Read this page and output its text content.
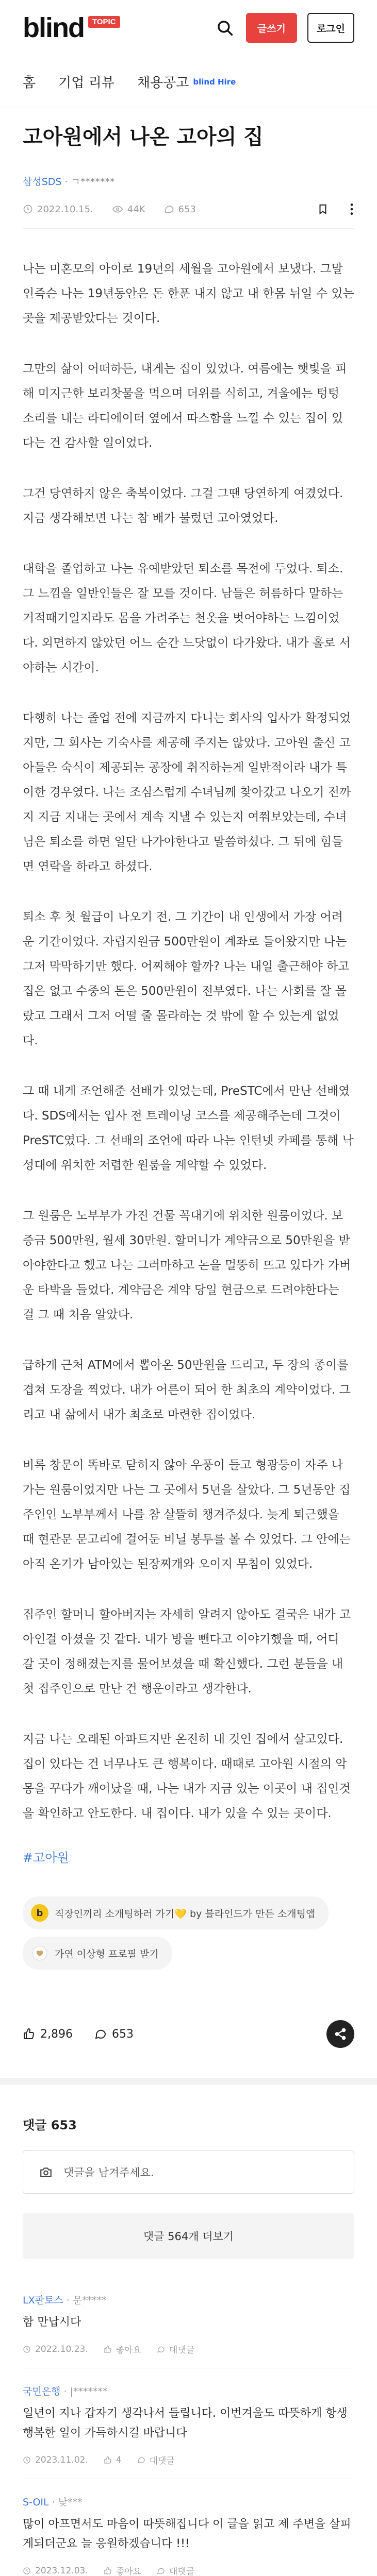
blind	TOPIC
글쓰기	로그인
홈 기업 리뷰 채용공고 blind Hire
고아원에서 나온 고아의 집
삼성SDS · ㄱ*******
2022.10.15.	44K	653

나는 미혼모의 아이로 19년의 세월을 고아원에서 보냈다. 그말인즉슨 나는 19년동안은 돈 한푼 내지 않고 내 한몸 뉘일 수 있는 곳을 제공받았다는 것이다.

그만의 삶이 어떠하든, 내게는 집이 있었다. 여름에는 햇빛을 피해 미지근한 보리찻물을 먹으며 더위를 식히고, 겨울에는 텅텅 소리를 내는 라디에이터 옆에서 따스함을 느낄 수 있는 집이 있다는 건 감사할 일이었다.

그건 당연하지 않은 축복이었다. 그걸 그땐 당연하게 여겼었다. 지금 생각해보면 나는 참 배가 불렀던 고아였었다.

대학을 졸업하고 나는 유예받았던 퇴소를 목전에 두었다. 퇴소. 그 느낌을 일반인들은 잘 모를 것이다. 남들은 허름하다 말하는 거적때기일지라도 몸을 가려주는 천옷을 벗어야하는 느낌이었다. 외면하지 않았던 어느 순간 느닷없이 다가왔다. 내가 홀로 서야하는 시간이.

다행히 나는 졸업 전에 지금까지 다니는 회사의 입사가 확정되었지만, 그 회사는 기숙사를 제공해 주지는 않았다. 고아원 출신 고아들은 숙식이 제공되는 공장에 취직하는게 일반적이라 내가 특이한 경우였다. 나는 조심스럽게 수녀님께 찾아갔고 나오기 전까지 지금 지내는 곳에서 계속 지낼 수 있는지 여쭤보았는데, 수녀님은 퇴소를 하면 일단 나가야한다고 말씀하셨다. 그 뒤에 힘들면 연락을 하라고 하셨다.

퇴소 후 첫 월급이 나오기 전. 그 기간이 내 인생에서 가장 어려운 기간이었다. 자립지원금 500만원이 계좌로 들어왔지만 나는 그저 막막하기만 했다. 어찌해야 할까? 나는 내일 출근해야 하고 집은 없고 수중의 돈은 500만원이 전부였다. 나는 사회를 잘 몰랐고 그래서 그저 어떨 줄 몰라하는 것 밖에 할 수 있는게 없었다.

그 때 내게 조언해준 선배가 있었는데, PreSTC에서 만난 선배였다. SDS에서는 입사 전 트레이닝 코스를 제공해주는데 그것이 PreSTC였다. 그 선배의 조언에 따라 나는 인턴넷 카페를 통해 낙성대에 위치한 저렴한 원룸을 계약할 수 있었다.

그 원룸은 노부부가 가진 건물 꼭대기에 위치한 원룸이었다. 보증금 500만원, 월세 30만원. 할머니가 계약금으로 50만원을 받아야한다고 했고 나는 그러마하고 논을 멀뚱히 뜨고 있다가 가버운 타박을 들었다. 계약금은 계약 당일 현금으로 드려야한다는 걸 그 때 처음 알았다.

급하게 근처 ATM에서 뽑아온 50만원을 드리고, 두 장의 종이를 겹쳐 도장을 찍었다. 내가 어른이 되어 한 최초의 계약이었다. 그리고 내 삶에서 내가 최초로 마련한 집이었다.

비록 창문이 똑바로 닫히지 않아 우풍이 들고 형광등이 자주 나가는 원룸이었지만 나는 그 곳에서 5년을 살았다. 그 5년동안 집주인인 노부부께서 나를 참 살뜰히 챙겨주셨다. 늦게 퇴근했을 때 현관문 문고리에 걸어둔 비닐 봉투를 볼 수 있었다. 그 안에는 아직 온기가 남아있는 된장찌개와 오이지 무침이 있었다.

집주인 할머니 할아버지는 자세히 알려지 않아도 결국은 내가 고아인걸 아셨을 것 같다. 내가 방을 뺀다고 이야기했을 때, 어디 갈 곳이 정해졌는지를 물어보셨을 때 확신했다. 그런 분들을 내 첫 집주인으로 만난 건 행운이라고 생각한다.

지금 나는 오래된 아파트지만 온전히 내 것인 집에서 살고있다. 집이 있다는 건 너무나도 큰 행복이다. 때때로 고아원 시절의 악몽을 꾸다가 깨어났을 때, 나는 내가 지금 있는 이곳이 내 집인것을 확인하고 안도한다. 내 집이다. 내가 있을 수 있는 곳이다.

#고아원
b	직장인끼리 소개팅하러 가기💛 by 블라인드가 만든 소개팅앱
가연 이상형 프로필 받기
2,896	653
댓글 653
댓글을 남겨주세요.
댓글 564개 더보기
LX판토스 · 문*****
함 만납시다
2022.10.23.	좋아요	대댓글
국민은행 · |*******
일년이 지나 갑자기 생각나서 들립니다. 이번겨울도 따뜻하게 항생 행복한 일이 가득하시길 바랍니다
2023.11.02.	4	대댓글
S-OIL · 낮***
많이 아프면서도 마음이 따뜻해집니다 이 글을 읽고 제 주변을 살피게되더군요 늘 응원하겠습니다 !!!
2023.12.03.	좋아요	대댓글
